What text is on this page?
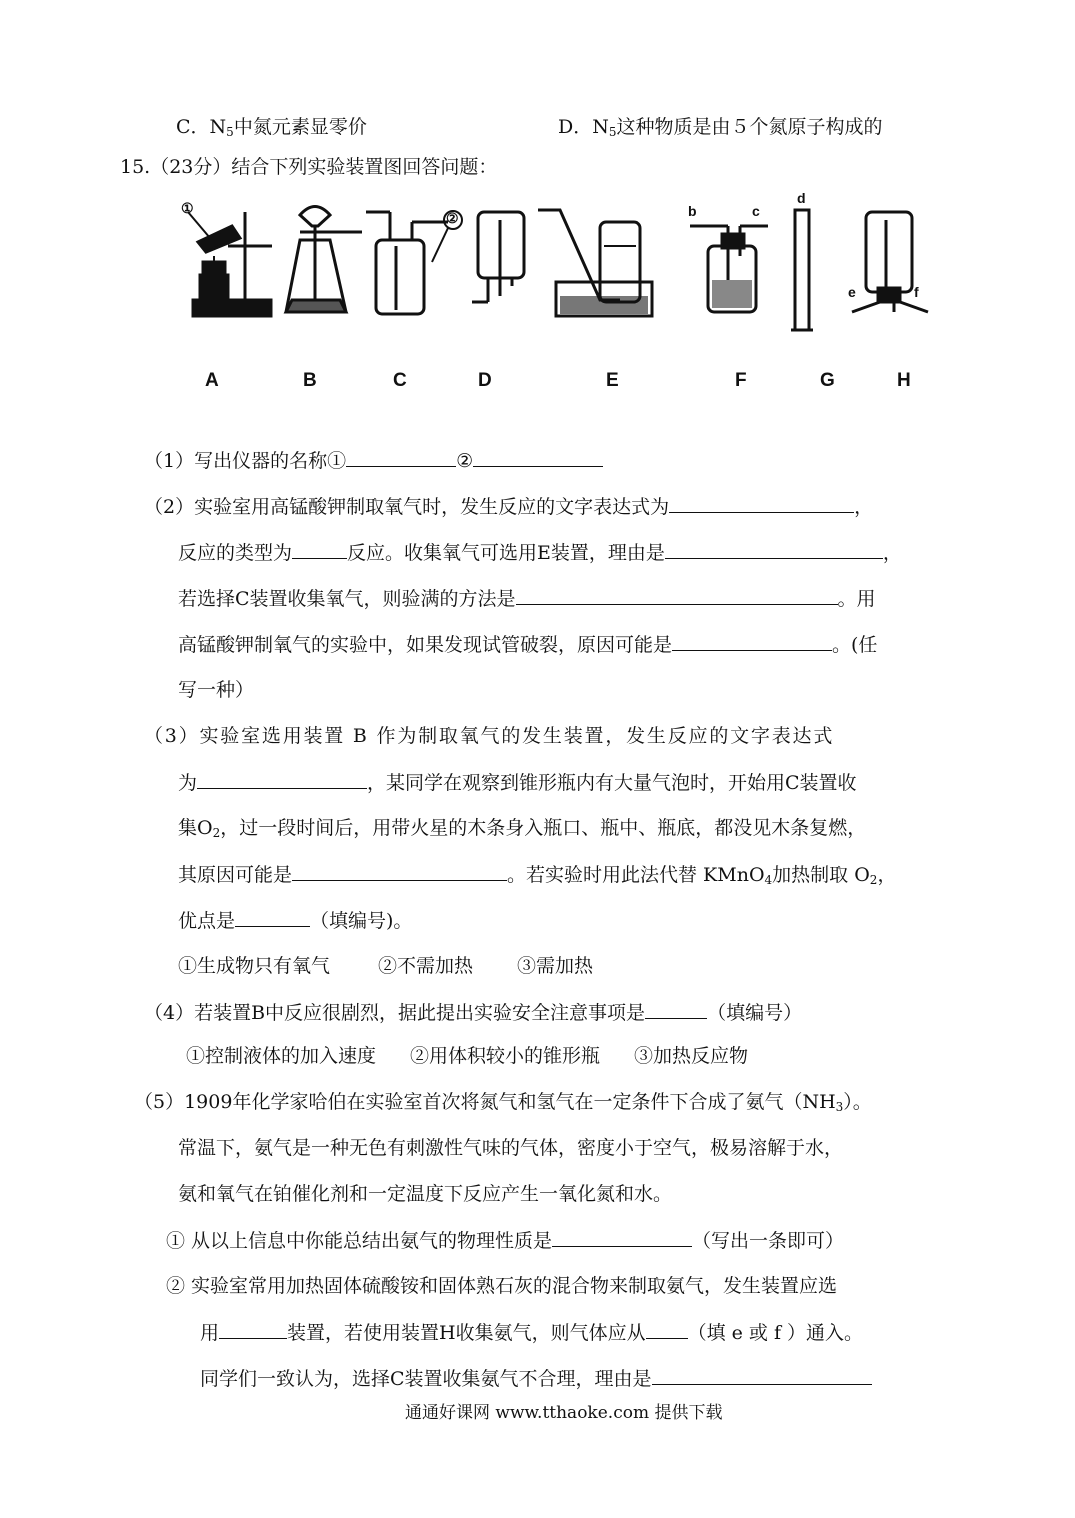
C．$N_5$中氮元素显零价	D．$N_5$这种物质是由５个氮原子构成的
15.（23分）结合下列实验装置图回答问题：
①
②	b	c
d
e	f
A	B	C	D	E	F	G	H
（1）写出仪器的名称①	②
（2）实验室用高锰酸钾制取氧气时，发生反应的文字表达式为	，
反应的类型为	反应。收集氧气可选用E装置，理由是	，
若选择C装置收集氧气，则验满的方法是	。用
高锰酸钾制氧气的实验中，如果发现试管破裂，原因可能是	。(任
写一种）
（3）实验室选用装置 B 作为制取氧气的发生装置，发生反应的文字表达式
为	，某同学在观察到锥形瓶内有大量气泡时，开始用C装置收
集$O_2$，过一段时间后，用带火星的木条身入瓶口、瓶中、瓶底，都没见木条复燃，
其原因可能是	。若实验时用此法代替 KMnO$_4$加热制取 $O_2$，
优点是	（填编号)。
①生成物只有氧气	②不需加热 ③需加热
（4）若装置B中反应很剧烈，据此提出实验安全注意事项是	（填编号）
①控制液体的加入速度 ②用体积较小的锥形瓶 ③加热反应物
（5）1909年化学家哈伯在实验室首次将氮气和氢气在一定条件下合成了氨气$(NH_3)$。
常温下，氨气是一种无色有刺激性气味的气体，密度小于空气，极易溶解于水，
氨和氧气在铂催化剂和一定温度下反应产生一氧化氮和水。
① 从以上信息中你能总结出氨气的物理性质是	（写出一条即可）
② 实验室常用加热固体硫酸铵和固体熟石灰的混合物来制取氨气，发生装置应选
用	装置，若使用装置H收集氨气，则气体应从 （填 e 或 f ）通入。
同学们一致认为，选择C装置收集氨气不合理，理由是
通通好课网 www.tthaoke.com 提供下载
